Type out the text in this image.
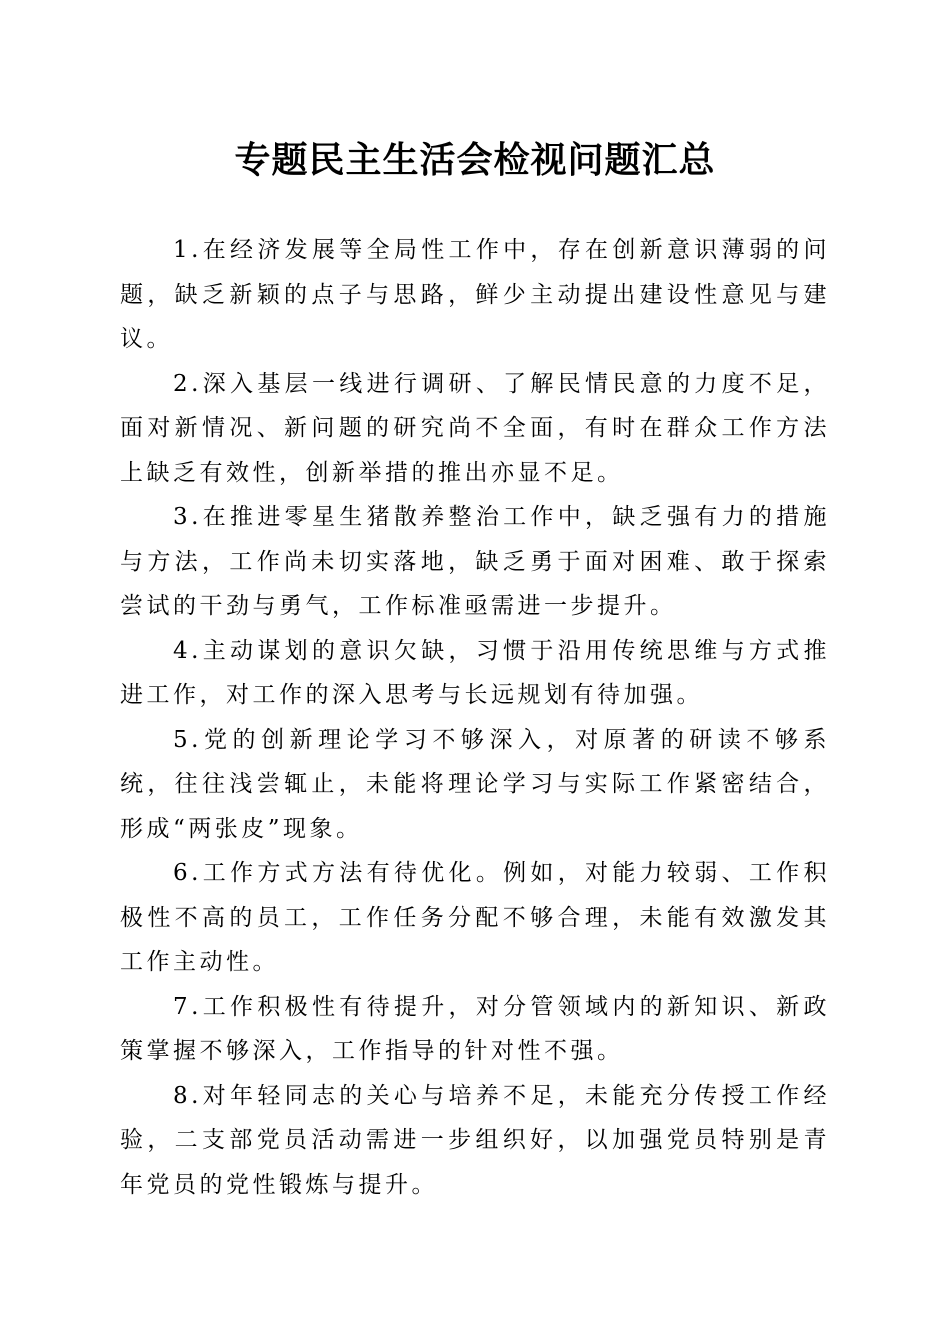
专题民主生活会检视问题汇总

1.在经济发展等全局性工作中，存在创新意识薄弱的问题，缺乏新颖的点子与思路，鲜少主动提出建设性意见与建议。

2.深入基层一线进行调研、了解民情民意的力度不足，面对新情况、新问题的研究尚不全面，有时在群众工作方法上缺乏有效性，创新举措的推出亦显不足。

3.在推进零星生猪散养整治工作中，缺乏强有力的措施与方法，工作尚未切实落地，缺乏勇于面对困难、敢于探索尝试的干劲与勇气，工作标准亟需进一步提升。

4.主动谋划的意识欠缺，习惯于沿用传统思维与方式推进工作，对工作的深入思考与长远规划有待加强。

5.党的创新理论学习不够深入，对原著的研读不够系统，往往浅尝辄止，未能将理论学习与实际工作紧密结合，形成“两张皮”现象。

6.工作方式方法有待优化。例如，对能力较弱、工作积极性不高的员工，工作任务分配不够合理，未能有效激发其工作主动性。

7.工作积极性有待提升，对分管领域内的新知识、新政策掌握不够深入，工作指导的针对性不强。

8.对年轻同志的关心与培养不足，未能充分传授工作经验，二支部党员活动需进一步组织好，以加强党员特别是青年党员的党性锻炼与提升。
